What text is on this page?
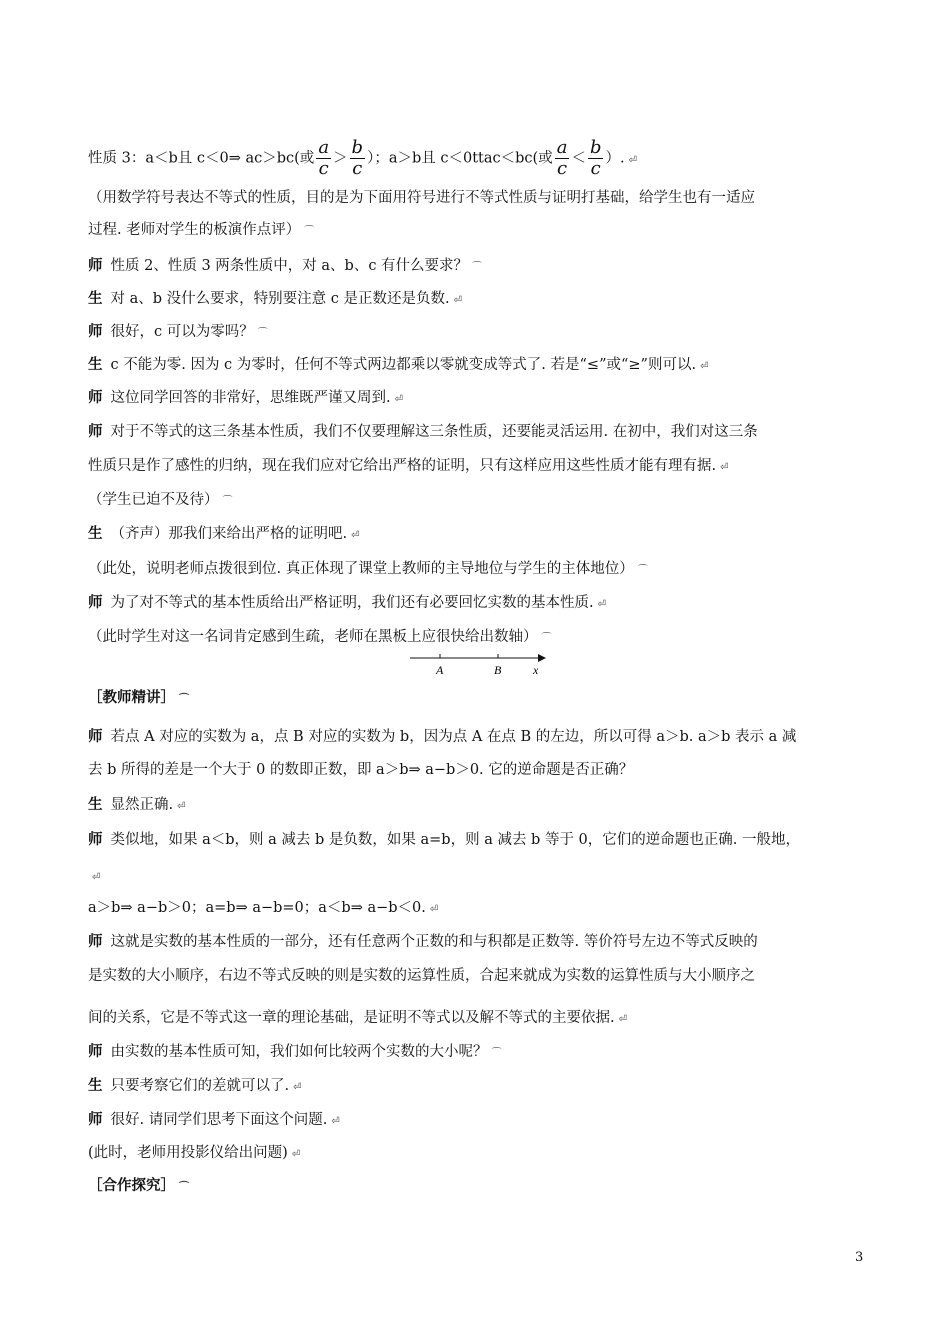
性质 3：a＜b且 c＜0⇒ ac＞bc(或 $\frac{a}{c} > \frac{b}{c}$ ）；a＞b且 c＜0ttac＜bc(或 $\frac{a}{c} < \frac{b}{c}$ ）. ⏎
（用数学符号表达不等式的性质，目的是为下面用符号进行不等式性质与证明打基础，给学生也有一适应
过程. 老师对学生的板演作点评） ⌒
师 性质 2、性质 3 两条性质中，对 a、b、c 有什么要求？ ⌒
生 对 a、b 没什么要求，特别要注意 c 是正数还是负数. ⏎
师 很好，c 可以为零吗？ ⌒
生 c 不能为零. 因为 c 为零时，任何不等式两边都乘以零就变成等式了. 若是“≤”或“≥”则可以. ⏎
师 这位同学回答的非常好，思维既严谨又周到. ⏎
师 对于不等式的这三条基本性质，我们不仅要理解这三条性质，还要能灵活运用. 在初中，我们对这三条
性质只是作了感性的归纳，现在我们应对它给出严格的证明，只有这样应用这些性质才能有理有据. ⏎
（学生已迫不及待） ⌒
生 （齐声）那我们来给出严格的证明吧. ⏎
（此处，说明老师点拨很到位. 真正体现了课堂上教师的主导地位与学生的主体地位） ⌒
师 为了对不等式的基本性质给出严格证明，我们还有必要回忆实数的基本性质. ⏎
（此时学生对这一名词肯定感到生疏，老师在黑板上应很快给出数轴） ⌒
A	B	x
［教师精讲］ ⌒
师 若点 A 对应的实数为 a，点 B 对应的实数为 b，因为点 A 在点 B 的左边，所以可得 a＞b. a＞b 表示 a 减
去 b 所得的差是一个大于 0 的数即正数，即 a＞b⇒ a−b＞0. 它的逆命题是否正确？
生 显然正确. ⏎
师 类似地，如果 a＜b，则 a 减去 b 是负数，如果 a=b，则 a 减去 b 等于 0，它们的逆命题也正确. 一般地，
⏎
a＞b⇒ a−b＞0；a=b⇒ a−b=0；a＜b⇒ a−b＜0. ⏎
师 这就是实数的基本性质的一部分，还有任意两个正数的和与积都是正数等. 等价符号左边不等式反映的
是实数的大小顺序，右边不等式反映的则是实数的运算性质，合起来就成为实数的运算性质与大小顺序之
间的关系，它是不等式这一章的理论基础，是证明不等式以及解不等式的主要依据. ⏎
师 由实数的基本性质可知，我们如何比较两个实数的大小呢？ ⌒
生 只要考察它们的差就可以了. ⏎
师 很好. 请同学们思考下面这个问题. ⏎
(此时，老师用投影仪给出问题) ⏎
［合作探究］ ⌒
3
